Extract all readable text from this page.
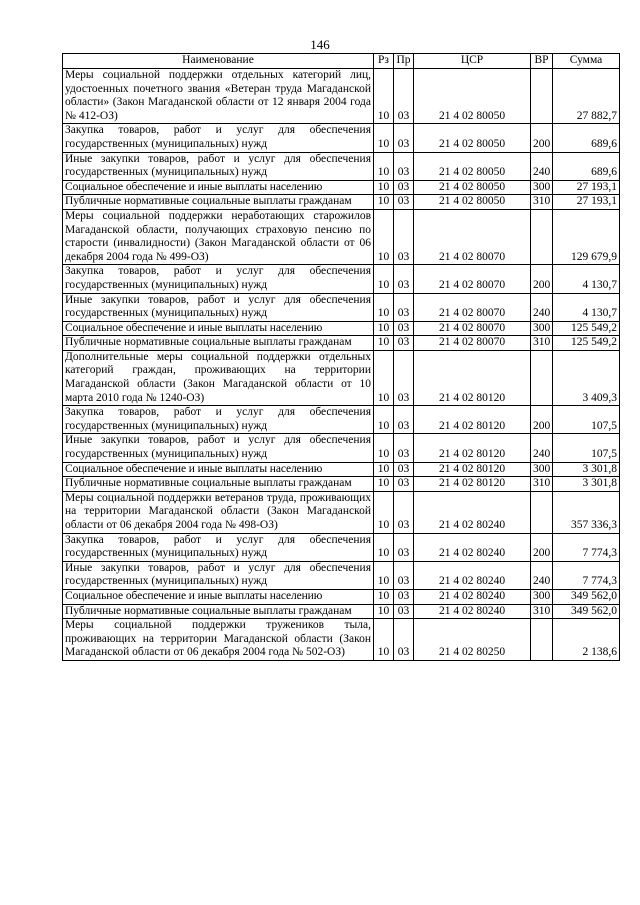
146
Наименование	Рз	Пр	ЦСР	ВР	Сумма
Меры социальной поддержки отдельных категорий лиц, удостоенных почетного звания «Ветеран труда Магаданской области» (Закон Магаданской области от 12 января 2004 года № 412-ОЗ)	10	03	21 4 02 80050		27 882,7
Закупка товаров, работ и услуг для обеспечения государственных (муниципальных) нужд	10	03	21 4 02 80050	200	689,6
Иные закупки товаров, работ и услуг для обеспечения государственных (муниципальных) нужд	10	03	21 4 02 80050	240	689,6
Социальное обеспечение и иные выплаты населению	10	03	21 4 02 80050	300	27 193,1
Публичные нормативные социальные выплаты гражданам	10	03	21 4 02 80050	310	27 193,1
Меры социальной поддержки неработающих старожилов Магаданской области, получающих страховую пенсию по старости (инвалидности) (Закон Магаданской области от 06 декабря 2004 года № 499-ОЗ)	10	03	21 4 02 80070		129 679,9
Закупка товаров, работ и услуг для обеспечения государственных (муниципальных) нужд	10	03	21 4 02 80070	200	4 130,7
Иные закупки товаров, работ и услуг для обеспечения государственных (муниципальных) нужд	10	03	21 4 02 80070	240	4 130,7
Социальное обеспечение и иные выплаты населению	10	03	21 4 02 80070	300	125 549,2
Публичные нормативные социальные выплаты гражданам	10	03	21 4 02 80070	310	125 549,2
Дополнительные меры социальной поддержки отдельных категорий граждан, проживающих на территории Магаданской области (Закон Магаданской области от 10 марта 2010 года № 1240-ОЗ)	10	03	21 4 02 80120		3 409,3
Закупка товаров, работ и услуг для обеспечения государственных (муниципальных) нужд	10	03	21 4 02 80120	200	107,5
Иные закупки товаров, работ и услуг для обеспечения государственных (муниципальных) нужд	10	03	21 4 02 80120	240	107,5
Социальное обеспечение и иные выплаты населению	10	03	21 4 02 80120	300	3 301,8
Публичные нормативные социальные выплаты гражданам	10	03	21 4 02 80120	310	3 301,8
Меры социальной поддержки ветеранов труда, проживающих на территории Магаданской области (Закон Магаданской области от 06 декабря 2004 года № 498-ОЗ)	10	03	21 4 02 80240		357 336,3
Закупка товаров, работ и услуг для обеспечения государственных (муниципальных) нужд	10	03	21 4 02 80240	200	7 774,3
Иные закупки товаров, работ и услуг для обеспечения государственных (муниципальных) нужд	10	03	21 4 02 80240	240	7 774,3
Социальное обеспечение и иные выплаты населению	10	03	21 4 02 80240	300	349 562,0
Публичные нормативные социальные выплаты гражданам	10	03	21 4 02 80240	310	349 562,0
Меры социальной поддержки тружеников тыла, проживающих на территории Магаданской области (Закон Магаданской области от 06 декабря 2004 года № 502-ОЗ)	10	03	21 4 02 80250		2 138,6
